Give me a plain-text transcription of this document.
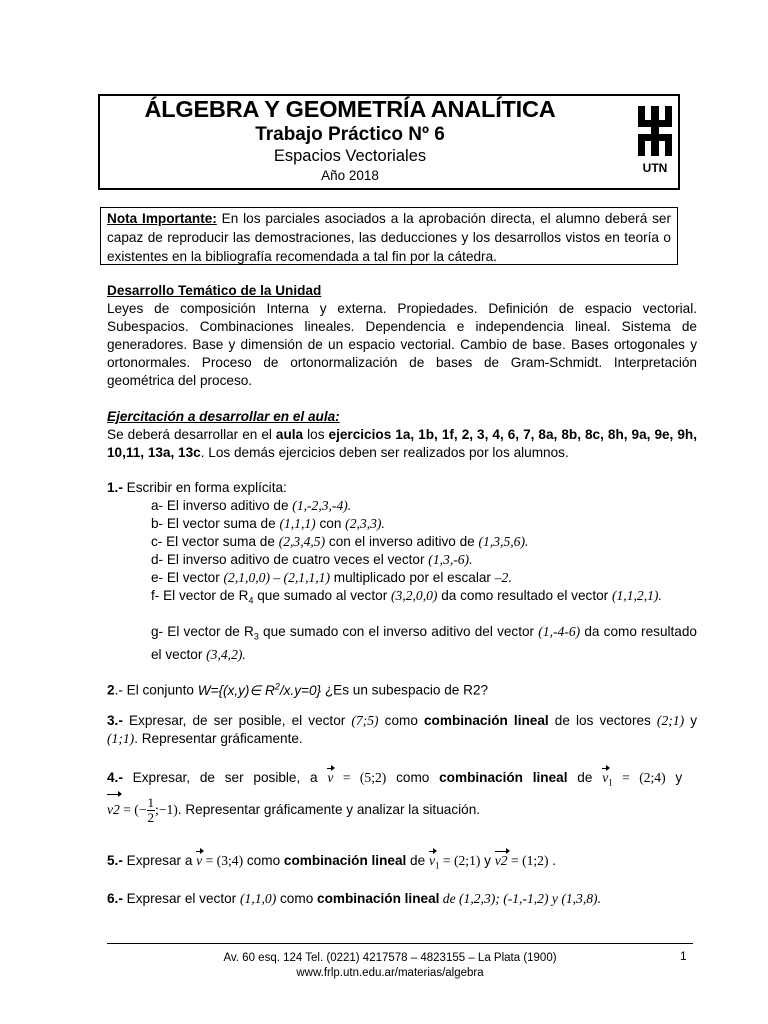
ÁLGEBRA Y GEOMETRÍA ANALÍTICA
Trabajo Práctico Nº 6
Espacios Vectoriales
Año 2018	UTN
Nota Importante: En los parciales asociados a la aprobación directa, el alumno deberá ser capaz de reproducir las demostraciones, las deducciones y los desarrollos vistos en teoría o existentes en la bibliografía recomendada a tal fin por la cátedra.
Desarrollo Temático de la Unidad
Leyes de composición Interna y externa. Propiedades. Definición de espacio vectorial. Subespacios. Combinaciones lineales. Dependencia e independencia lineal. Sistema de generadores. Base y dimensión de un espacio vectorial. Cambio de base. Bases ortogonales y ortonormales. Proceso de ortonormalización de bases de Gram-Schmidt. Interpretación geométrica del proceso.
Ejercitación a desarrollar en el aula:
Se deberá desarrollar en el aula los ejercicios 1a, 1b, 1f, 2, 3, 4, 6, 7, 8a, 8b, 8c, 8h, 9a, 9e, 9h, 10,11, 13a, 13c. Los demás ejercicios deben ser realizados por los alumnos.
1.- Escribir en forma explícita:
a- El inverso aditivo de (1,-2,3,-4).
b- El vector suma de (1,1,1) con (2,3,3).
c- El vector suma de (2,3,4,5) con el inverso aditivo de (1,3,5,6).
d- El inverso aditivo de cuatro veces el vector (1,3,-6).
e- El vector (2,1,0,0) – (2,1,1,1) multiplicado por el escalar –2.
f- El vector de $R_4$ que sumado al vector (3,2,0,0) da como resultado el vector (1,1,2,1).
g- El vector de $R_3$ que sumado con el inverso aditivo del vector (1,-4-6) da como resultado el vector (3,4,2).
2.- El conjunto W={(x,y)∈ $R^2/x.y=0$} ¿Es un subespacio de R2?
3.- Expresar, de ser posible, el vector (7;5) como combinación lineal de los vectores (2;1) y (1;1). Representar gráficamente.
4.- Expresar, de ser posible, a v = (5;2) como combinación lineal de $v_1$ = (2;4) y
v2 = (− $\frac{1}{2}$ ;−1). Representar gráficamente y analizar la situación.
5.- Expresar a v = (3;4) como combinación lineal de $v_1$ = (2;1) y v2 = (1;2) .
6.- Expresar el vector (1,1,0) como combinación lineal de (1,2,3); (-1,-1,2) y (1,3,8).
Av. 60 esq. 124 Tel. (0221) 4217578 – 4823155 – La Plata (1900)
www.frlp.utn.edu.ar/materias/algebra
1
